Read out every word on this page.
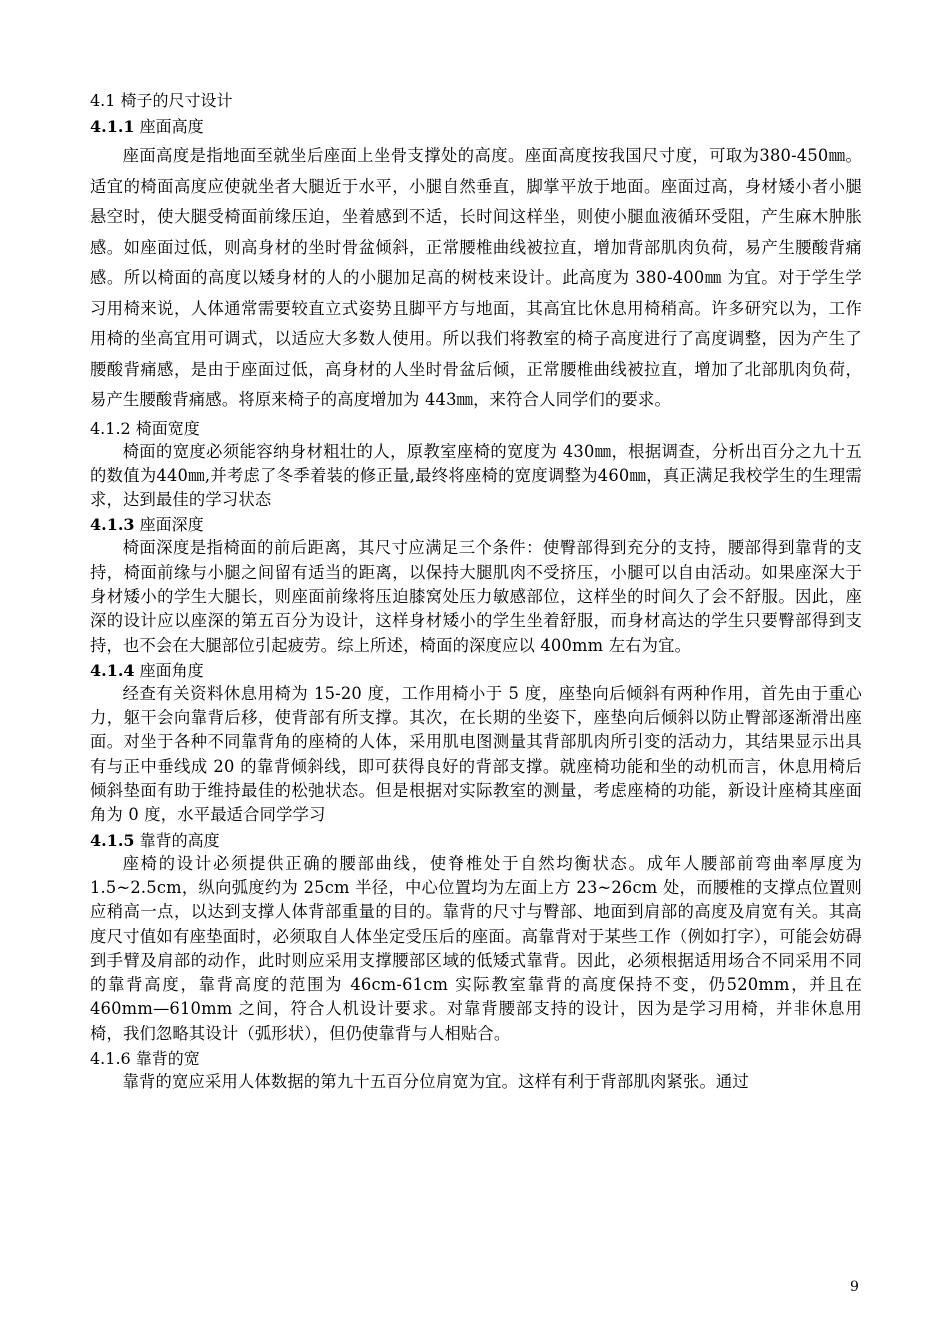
4.1 椅子的尺寸设计
4.1.1 座面高度

座面高度是指地面至就坐后座面上坐骨支撑处的高度。座面高度按我国尺寸度，可取为380-450㎜。适宜的椅面高度应使就坐者大腿近于水平，小腿自然垂直，脚掌平放于地面。座面过高，身材矮小者小腿悬空时，使大腿受椅面前缘压迫，坐着感到不适，长时间这样坐，则使小腿血液循环受阻，产生麻木肿胀感。如座面过低，则高身材的坐时骨盆倾斜，正常腰椎曲线被拉直，增加背部肌肉负荷，易产生腰酸背痛感。所以椅面的高度以矮身材的人的小腿加足高的树枝来设计。此高度为 380-400㎜ 为宜。对于学生学习用椅来说，人体通常需要较直立式姿势且脚平方与地面，其高宜比休息用椅稍高。许多研究以为，工作用椅的坐高宜用可调式，以适应大多数人使用。所以我们将教室的椅子高度进行了高度调整，因为产生了腰酸背痛感，是由于座面过低，高身材的人坐时骨盆后倾，正常腰椎曲线被拉直，增加了北部肌肉负荷，易产生腰酸背痛感。将原来椅子的高度增加为 443㎜，来符合人同学们的要求。

4.1.2 椅面宽度

椅面的宽度必须能容纳身材粗壮的人，原教室座椅的宽度为 430㎜，根据调查，分析出百分之九十五的数值为440㎜,并考虑了冬季着装的修正量,最终将座椅的宽度调整为460㎜，真正满足我校学生的生理需求，达到最佳的学习状态

4.1.3 座面深度

椅面深度是指椅面的前后距离，其尺寸应满足三个条件：使臀部得到充分的支持，腰部得到靠背的支持，椅面前缘与小腿之间留有适当的距离，以保持大腿肌肉不受挤压，小腿可以自由活动。如果座深大于身材矮小的学生大腿长，则座面前缘将压迫膝窝处压力敏感部位，这样坐的时间久了会不舒服。因此，座深的设计应以座深的第五百分为设计，这样身材矮小的学生坐着舒服，而身材高达的学生只要臀部得到支持，也不会在大腿部位引起疲劳。综上所述，椅面的深度应以 400mm 左右为宜。

4.1.4 座面角度

经查有关资料休息用椅为 15-20 度，工作用椅小于 5 度，座垫向后倾斜有两种作用，首先由于重心力，躯干会向靠背后移，使背部有所支撑。其次，在长期的坐姿下，座垫向后倾斜以防止臀部逐渐滑出座面。对坐于各种不同靠背角的座椅的人体，采用肌电图测量其背部肌肉所引变的活动力，其结果显示出具有与正中垂线成 20 的靠背倾斜线，即可获得良好的背部支撑。就座椅功能和坐的动机而言，休息用椅后倾斜垫面有助于维持最佳的松弛状态。但是根据对实际教室的测量，考虑座椅的功能，新设计座椅其座面角为 0 度，水平最适合同学学习

4.1.5 靠背的高度

座椅的设计必须提供正确的腰部曲线，使脊椎处于自然均衡状态。成年人腰部前弯曲率厚度为 1.5~2.5cm，纵向弧度约为 25cm 半径，中心位置均为左面上方 23~26cm 处，而腰椎的支撑点位置则应稍高一点，以达到支撑人体背部重量的目的。靠背的尺寸与臀部、地面到肩部的高度及肩宽有关。其高度尺寸值如有座垫面时，必须取自人体坐定受压后的座面。高靠背对于某些工作（例如打字），可能会妨碍到手臂及肩部的动作，此时则应采用支撑腰部区域的低矮式靠背。因此，必须根据适用场合不同采用不同的靠背高度，靠背高度的范围为 46cm-61cm 实际教室靠背的高度保持不变，仍520mm，并且在 460mm—610mm 之间，符合人机设计要求。对靠背腰部支持的设计，因为是学习用椅，并非休息用椅，我们忽略其设计（弧形状），但仍使靠背与人相贴合。

4.1.6 靠背的宽

靠背的宽应采用人体数据的第九十五百分位肩宽为宜。这样有利于背部肌肉紧张。通过

9
